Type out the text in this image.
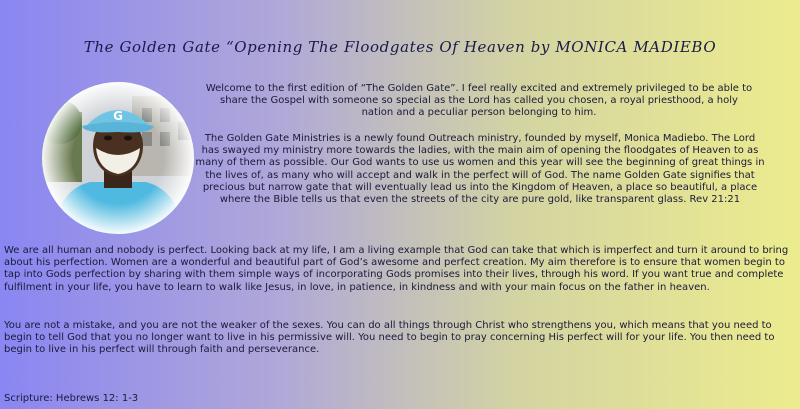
The Golden Gate “Opening The Floodgates Of Heaven by MONICA MADIEBO
Welcome to the first edition of “The Golden Gate”. I feel really excited and extremely privileged to be able to share the Gospel with someone so special as the Lord has called you chosen, a royal priesthood, a holy nation and a peculiar person belonging to him.
The Golden Gate Ministries is a newly found Outreach ministry, founded by myself, Monica Madiebo. The Lord has swayed my ministry more towards the ladies, with the main aim of opening the floodgates of Heaven to as many of them as possible. Our God wants to use us women and this year will see the beginning of great things in the lives of, as many who will accept and walk in the perfect will of God. The name Golden Gate signifies that precious but narrow gate that will eventually lead us into the Kingdom of Heaven, a place so beautiful, a place where the Bible tells us that even the streets of the city are pure gold, like transparent glass. Rev 21:21
We are all human and nobody is perfect. Looking back at my life, I am a living example that God can take that which is imperfect and turn it around to bring about his perfection. Women are a wonderful and beautiful part of God’s awesome and perfect creation. My aim therefore is to ensure that women begin to tap into Gods perfection by sharing with them simple ways of incorporating Gods promises into their lives, through his word. If you want true and complete fulfilment in your life, you have to learn to walk like Jesus, in love, in patience, in kindness and with your main focus on the father in heaven.
You are not a mistake, and you are not the weaker of the sexes. You can do all things through Christ who strengthens you, which means that you need to begin to tell God that you no longer want to live in his permissive will. You need to begin to pray concerning His perfect will for your life. You then need to begin to live in his perfect will through faith and perseverance.
Scripture: Hebrews 12: 1-3
